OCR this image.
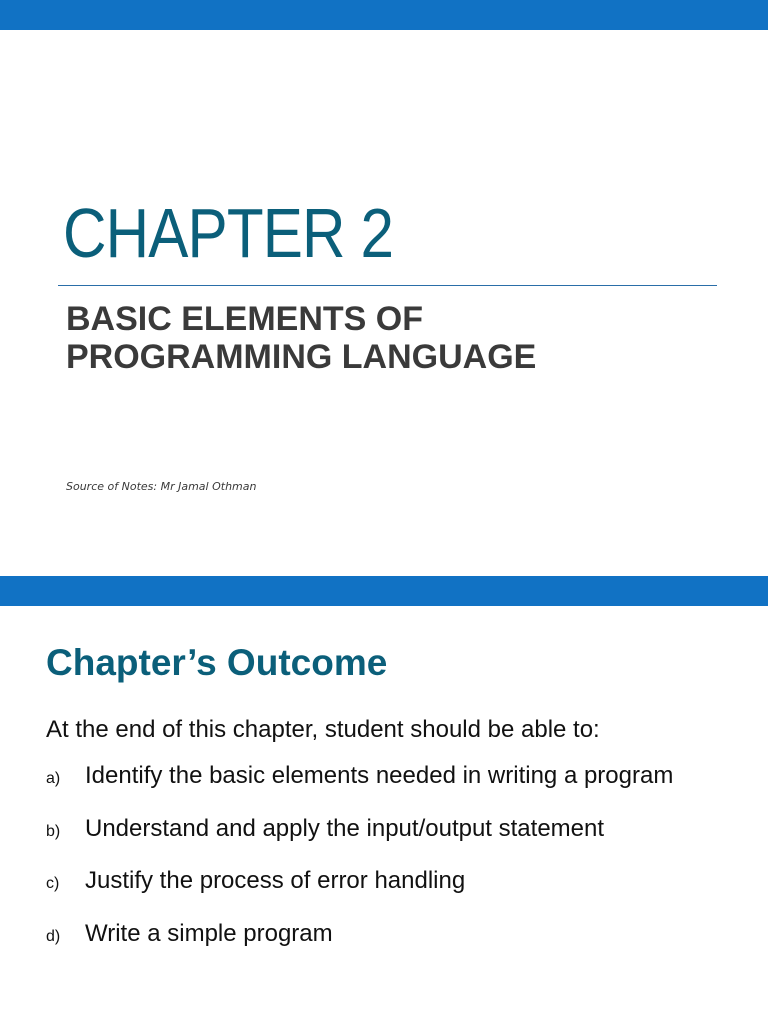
CHAPTER 2
BASIC ELEMENTS OF
PROGRAMMING LANGUAGE
Source of Notes: Mr Jamal Othman
Chapter’s Outcome
At the end of this chapter, student should be able to:
a)	Identify the basic elements needed in writing a program
b)	Understand and apply the input/output statement
c)	Justify the process of error handling
d)	Write a simple program
